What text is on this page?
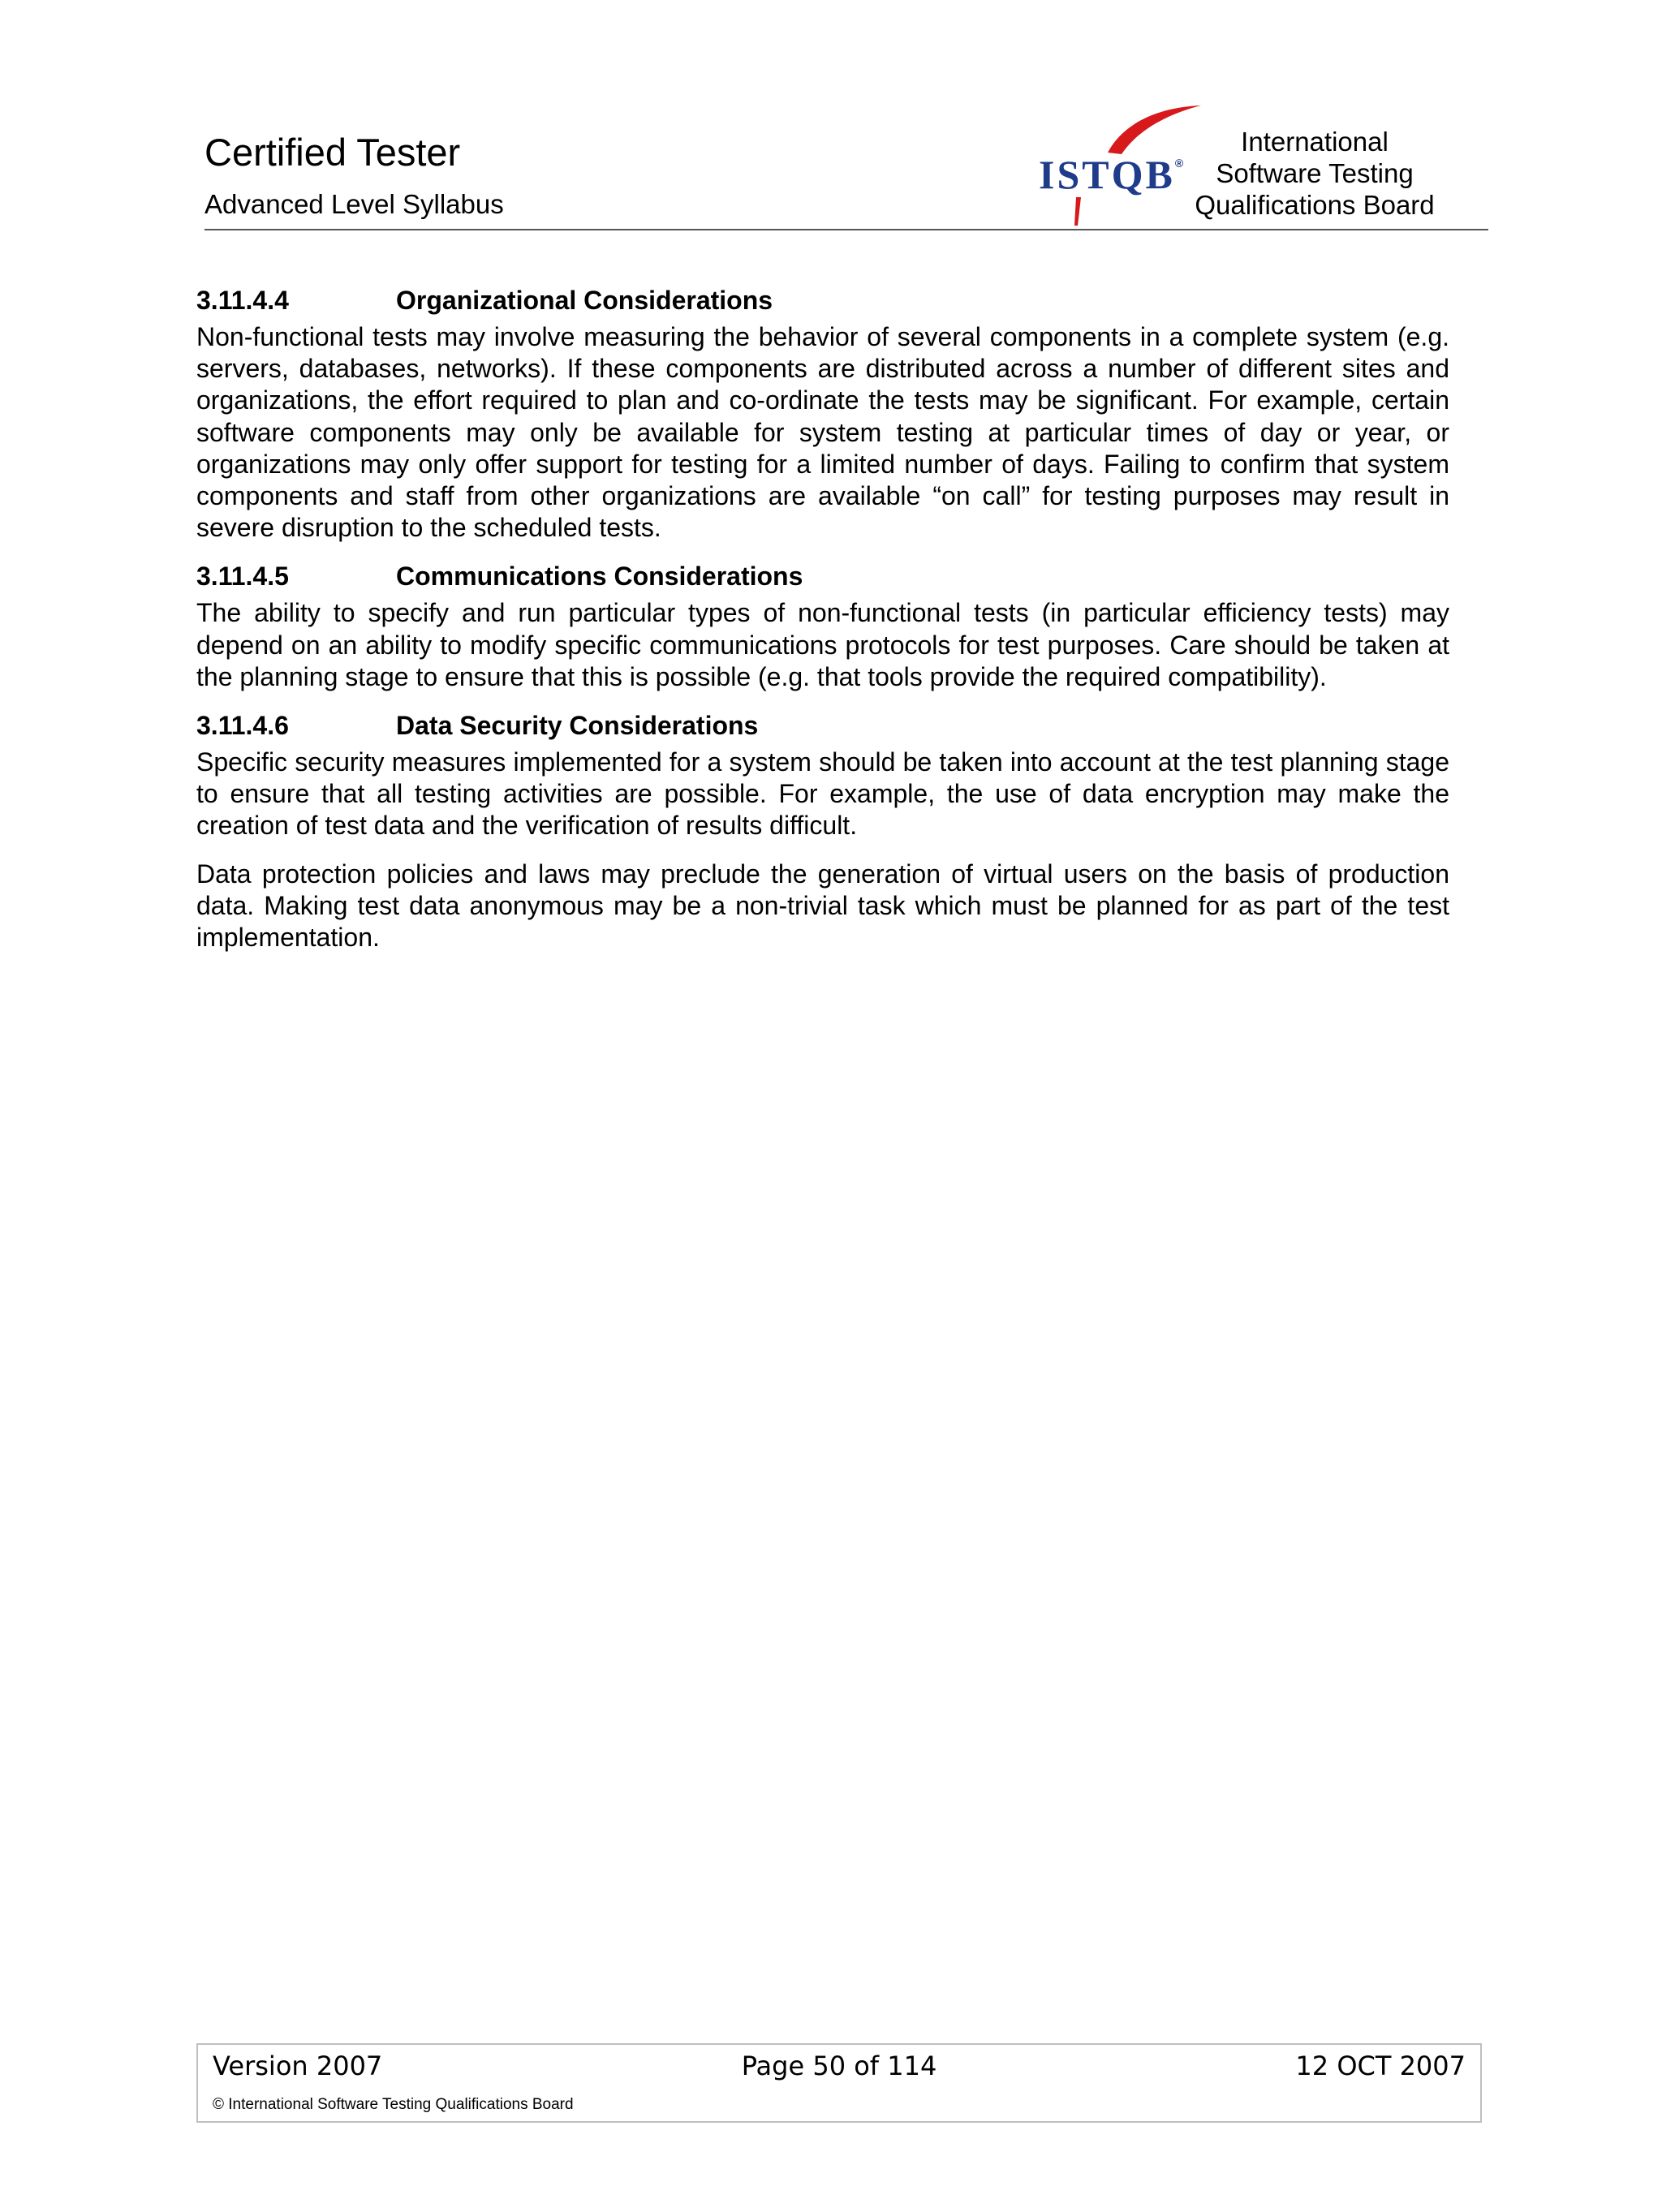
Certified Tester
Advanced Level Syllabus
ISTQB®
International
Software Testing
Qualifications Board
3.11.4.4	Organizational Considerations

Non-functional tests may involve measuring the behavior of several components in a complete system (e.g. servers, databases, networks). If these components are distributed across a number of different sites and organizations, the effort required to plan and co-ordinate the tests may be significant. For example, certain software components may only be available for system testing at particular times of day or year, or organizations may only offer support for testing for a limited number of days. Failing to confirm that system components and staff from other organizations are available “on call” for testing purposes may result in severe disruption to the scheduled tests.

3.11.4.5	Communications Considerations

The ability to specify and run particular types of non-functional tests (in particular efficiency tests) may depend on an ability to modify specific communications protocols for test purposes. Care should be taken at the planning stage to ensure that this is possible (e.g. that tools provide the required compatibility).

3.11.4.6	Data Security Considerations

Specific security measures implemented for a system should be taken into account at the test planning stage to ensure that all testing activities are possible. For example, the use of data encryption may make the creation of test data and the verification of results difficult.

Data protection policies and laws may preclude the generation of virtual users on the basis of production data. Making test data anonymous may be a non-trivial task which must be planned for as part of the test implementation.

Version 2007	Page 50 of 114	12 OCT 2007
© International Software Testing Qualifications Board
